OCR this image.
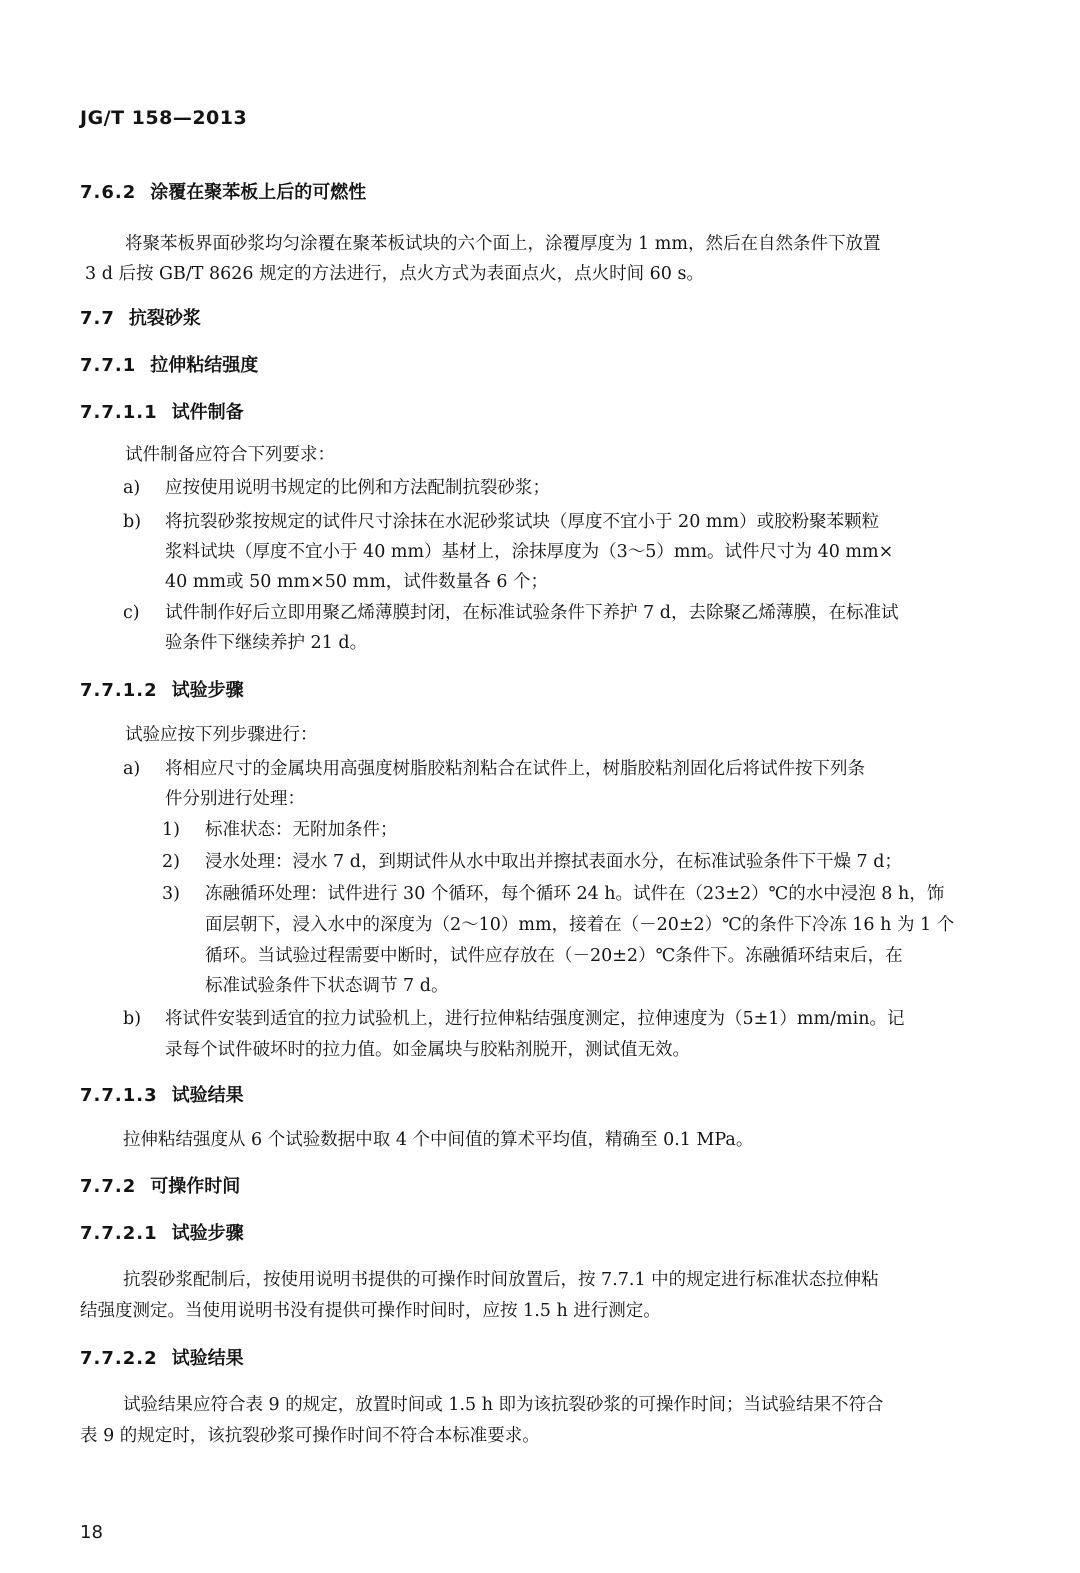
JG/T 158—2013
7.6.2 涂覆在聚苯板上后的可燃性
将聚苯板界面砂浆均匀涂覆在聚苯板试块的六个面上，涂覆厚度为 1 mm，然后在自然条件下放置
3 d 后按 GB/T 8626 规定的方法进行，点火方式为表面点火，点火时间 60 s。
7.7 抗裂砂浆
7.7.1 拉伸粘结强度
7.7.1.1 试件制备
试件制备应符合下列要求：
a) 应按使用说明书规定的比例和方法配制抗裂砂浆；
b) 将抗裂砂浆按规定的试件尺寸涂抹在水泥砂浆试块（厚度不宜小于 20 mm）或胶粉聚苯颗粒
浆料试块（厚度不宜小于 40 mm）基材上，涂抹厚度为（3～5）mm。试件尺寸为 40 mm×
40 mm或 50 mm×50 mm，试件数量各 6 个；
c) 试件制作好后立即用聚乙烯薄膜封闭，在标准试验条件下养护 7 d，去除聚乙烯薄膜，在标准试
验条件下继续养护 21 d。
7.7.1.2 试验步骤
试验应按下列步骤进行：
a) 将相应尺寸的金属块用高强度树脂胶粘剂粘合在试件上，树脂胶粘剂固化后将试件按下列条
件分别进行处理：
1) 标准状态：无附加条件；
2) 浸水处理：浸水 7 d，到期试件从水中取出并擦拭表面水分，在标准试验条件下干燥 7 d；
3) 冻融循环处理：试件进行 30 个循环，每个循环 24 h。试件在（23±2）℃的水中浸泡 8 h，饰
面层朝下，浸入水中的深度为（2～10）mm，接着在（－20±2）℃的条件下冷冻 16 h 为 1 个
循环。当试验过程需要中断时，试件应存放在（－20±2）℃条件下。冻融循环结束后，在
标准试验条件下状态调节 7 d。
b) 将试件安装到适宜的拉力试验机上，进行拉伸粘结强度测定，拉伸速度为（5±1）mm/min。记
录每个试件破坏时的拉力值。如金属块与胶粘剂脱开，测试值无效。
7.7.1.3 试验结果
拉伸粘结强度从 6 个试验数据中取 4 个中间值的算术平均值，精确至 0.1 MPa。
7.7.2 可操作时间
7.7.2.1 试验步骤
抗裂砂浆配制后，按使用说明书提供的可操作时间放置后，按 7.7.1 中的规定进行标准状态拉伸粘
结强度测定。当使用说明书没有提供可操作时间时，应按 1.5 h 进行测定。
7.7.2.2 试验结果
试验结果应符合表 9 的规定，放置时间或 1.5 h 即为该抗裂砂浆的可操作时间；当试验结果不符合
表 9 的规定时，该抗裂砂浆可操作时间不符合本标准要求。
18
